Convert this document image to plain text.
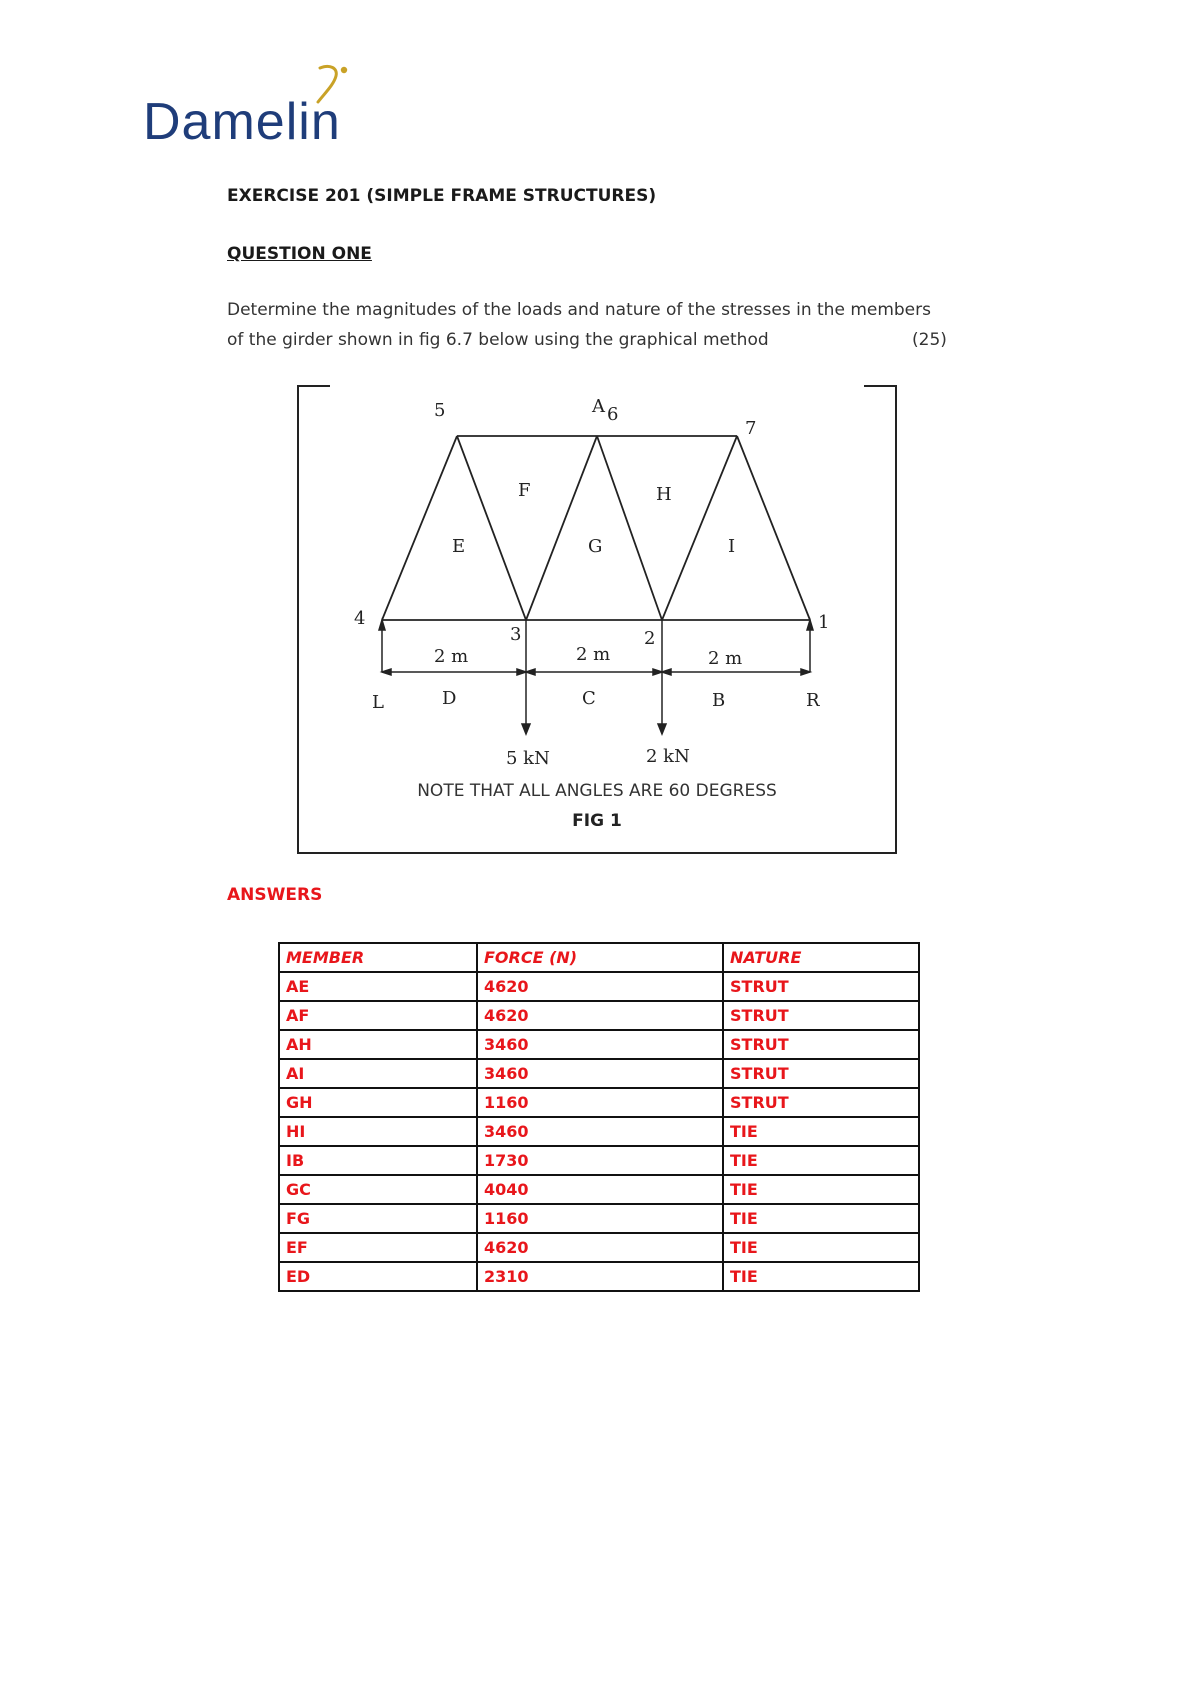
Damelin
EXERCISE 201 (SIMPLE FRAME STRUCTURES)
QUESTION ONE
Determine the magnitudes of the loads and nature of the stresses in the members
of the girder shown in fig 6.7 below using the graphical method	(25)
4
5	6
7
1
3	2
A
F	H
E	G	I
L	D	C	B	R
2 m	2 m	2 m
5 kN	2 kN
NOTE THAT ALL ANGLES ARE 60 DEGRESS
FIG 1
ANSWERS
MEMBER	FORCE (N)	NATURE
AE	4620	STRUT
AF	4620	STRUT
AH	3460	STRUT
AI	3460	STRUT
GH	1160	STRUT
HI	3460	TIE
IB	1730	TIE
GC	4040	TIE
FG	1160	TIE
EF	4620	TIE
ED	2310	TIE
